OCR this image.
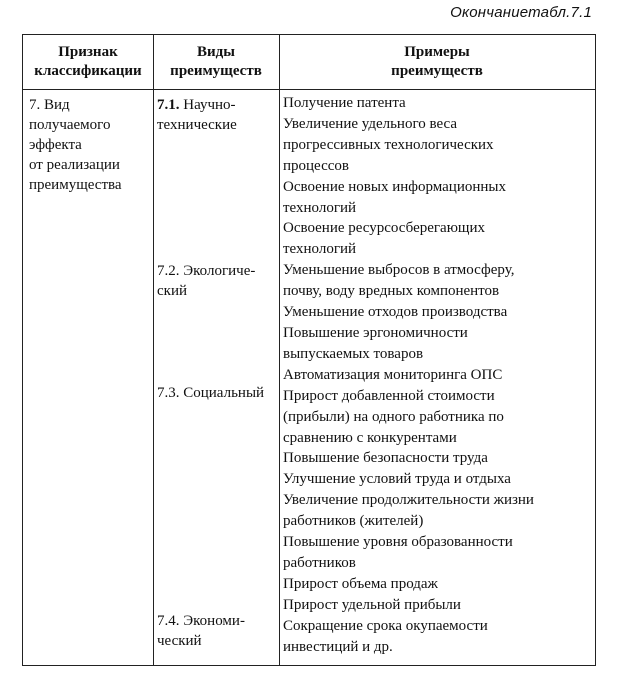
Окончаниетабл.7.1
Признак
классификации
Виды
преимуществ
Примеры
преимуществ
7. Вид
получаемого
эффекта
от реализации
преимущества
7.1. Научно-
технические
7.2. Экологиче-
ский
7.3. Социальный
7.4. Экономи-
ческий
Получение патента
Увеличение удельного веса
прогрессивных технологических
процессов
Освоение новых информационных
технологий
Освоение ресурсосберегающих
технологий
Уменьшение выбросов в атмосферу,
почву, воду вредных компонентов
Уменьшение отходов производства
Повышение эргономичности
выпускаемых товаров
Автоматизация мониторинга ОПС
Прирост добавленной стоимости
(прибыли) на одного работника по
сравнению с конкурентами
Повышение безопасности труда
Улучшение условий труда и отдыха
Увеличение продолжительности жизни
работников (жителей)
Повышение уровня образованности
работников
Прирост объема продаж
Прирост удельной прибыли
Сокращение срока окупаемости
инвестиций и др.
